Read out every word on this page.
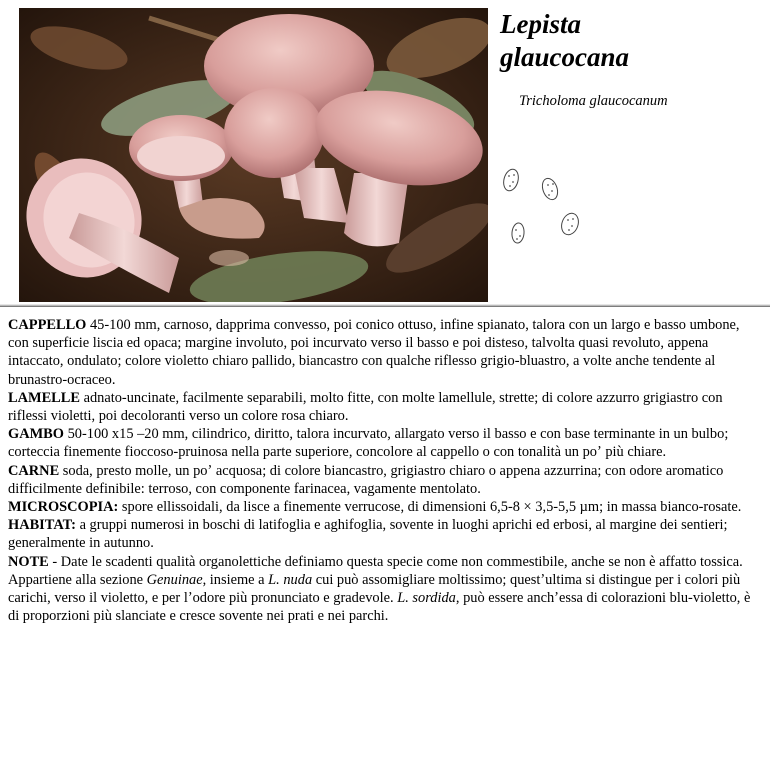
Lepista
glaucocana
Tricholoma glaucocanum

CAPPELLO 45-100 mm, carnoso, dapprima convesso, poi conico ottuso, infine spianato, talora con un largo e basso umbone, con superficie liscia ed opaca; margine involuto, poi incurvato verso il basso e poi disteso, talvolta quasi revoluto, appena intaccato, ondulato; colore violetto chiaro pallido, biancastro con qualche riflesso grigio-bluastro, a volte anche tendente al brunastro-ocraceo.

LAMELLE adnato-uncinate, facilmente separabili, molto fitte, con molte lamellule, strette; di colore azzurro grigiastro con riflessi violetti, poi decoloranti verso un colore rosa chiaro.

GAMBO 50-100 x15 –20 mm, cilindrico, diritto, talora incurvato, allargato verso il basso e con base terminante in un bulbo; corteccia finemente fioccoso-pruinosa nella parte superiore, concolore al cappello o con tonalità un poʼ più chiare.

CARNE soda, presto molle, un poʼ acquosa; di colore biancastro, grigiastro chiaro o appena azzurrina; con odore aromatico difficilmente definibile: terroso, con componente farinacea, vagamente mentolato.

MICROSCOPIA: spore ellissoidali, da lisce a finemente verrucose, di dimensioni 6,5-8 × 3,5-5,5 µm; in massa bianco-rosate.

HABITAT: a gruppi numerosi in boschi di latifoglia e aghifoglia, sovente in luoghi aprichi ed erbosi, al margine dei sentieri; generalmente in autunno.

NOTE - Date le scadenti qualità organolettiche definiamo questa specie come non commestibile, anche se non è affatto tossica. Appartiene alla sezione Genuinae, insieme a L. nuda cui può assomigliare moltissimo; questʼultima si distingue per i colori più carichi, verso il violetto, e per lʼodore più pronunciato e gradevole. L. sordida, può essere anchʼessa di colorazioni blu-violetto, è di proporzioni più slanciate e cresce sovente nei prati e nei parchi.
